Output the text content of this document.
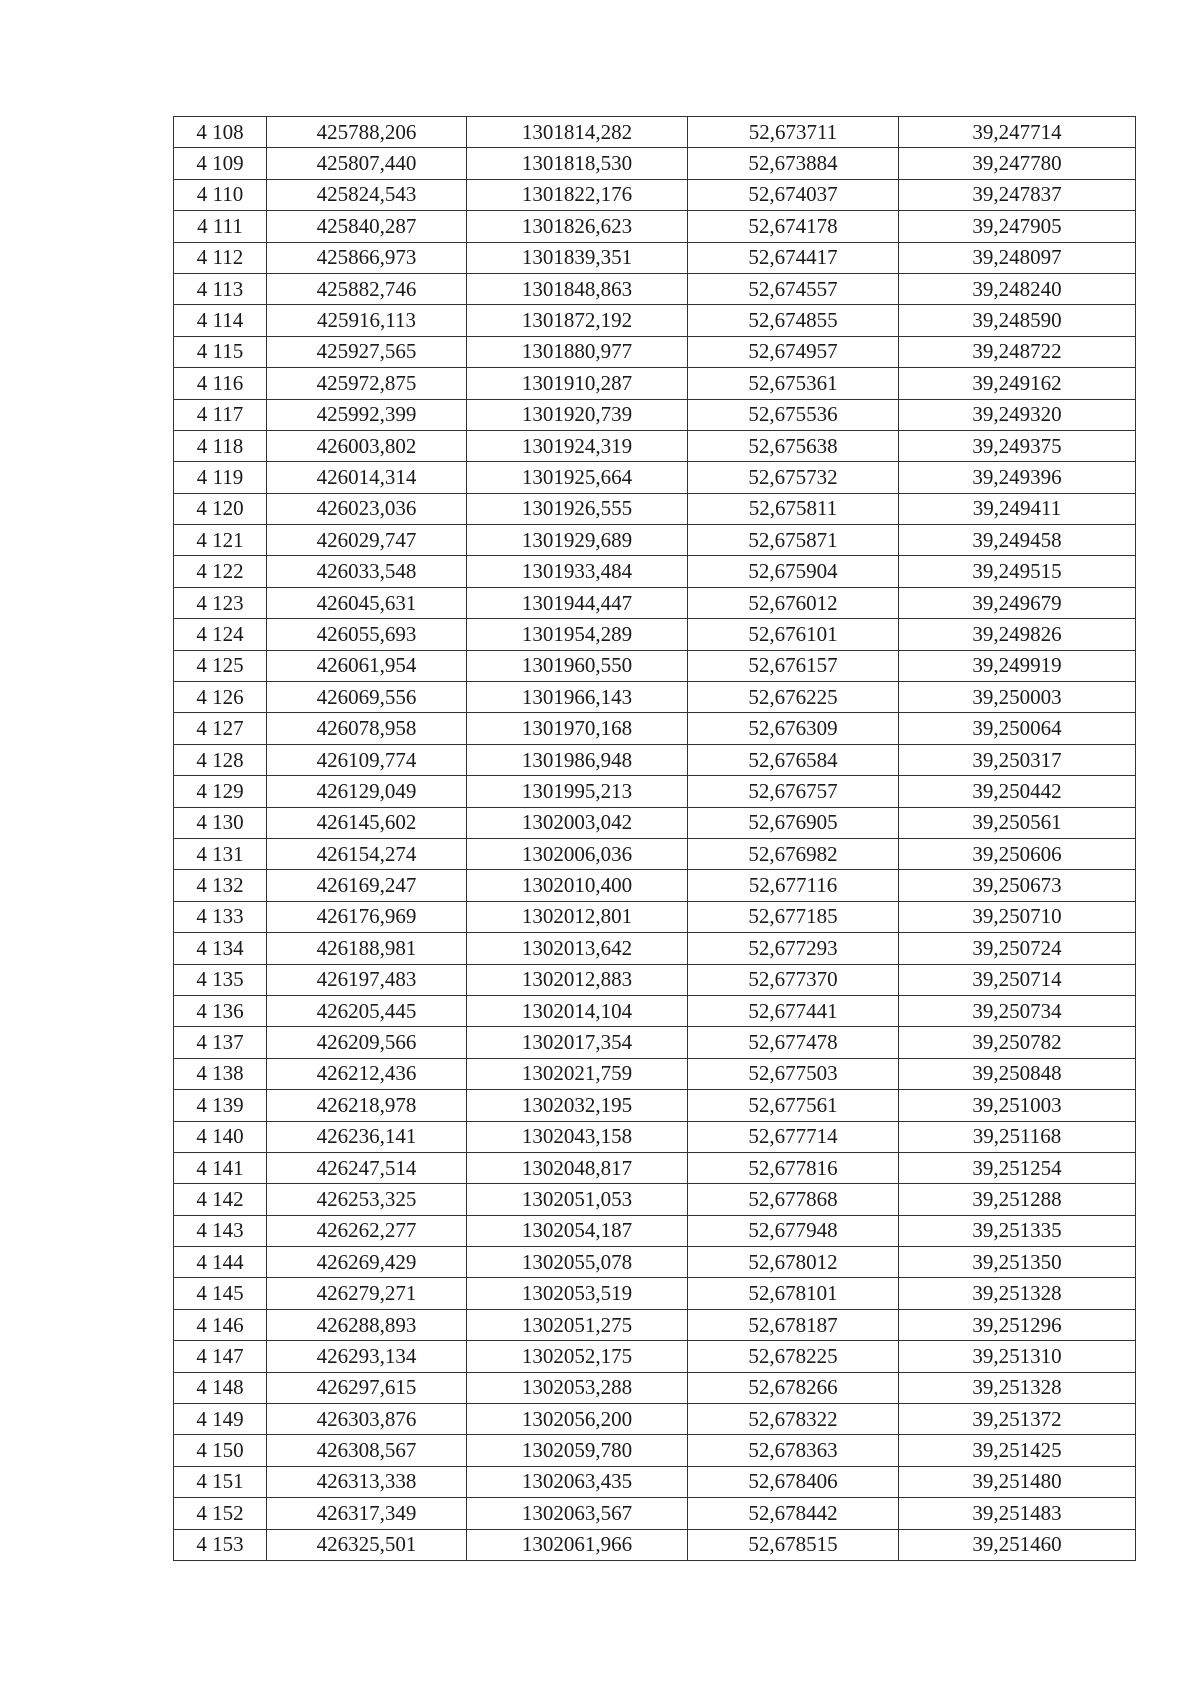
4 108	425788,206	1301814,282	52,673711	39,247714
4 109	425807,440	1301818,530	52,673884	39,247780
4 110	425824,543	1301822,176	52,674037	39,247837
4 111	425840,287	1301826,623	52,674178	39,247905
4 112	425866,973	1301839,351	52,674417	39,248097
4 113	425882,746	1301848,863	52,674557	39,248240
4 114	425916,113	1301872,192	52,674855	39,248590
4 115	425927,565	1301880,977	52,674957	39,248722
4 116	425972,875	1301910,287	52,675361	39,249162
4 117	425992,399	1301920,739	52,675536	39,249320
4 118	426003,802	1301924,319	52,675638	39,249375
4 119	426014,314	1301925,664	52,675732	39,249396
4 120	426023,036	1301926,555	52,675811	39,249411
4 121	426029,747	1301929,689	52,675871	39,249458
4 122	426033,548	1301933,484	52,675904	39,249515
4 123	426045,631	1301944,447	52,676012	39,249679
4 124	426055,693	1301954,289	52,676101	39,249826
4 125	426061,954	1301960,550	52,676157	39,249919
4 126	426069,556	1301966,143	52,676225	39,250003
4 127	426078,958	1301970,168	52,676309	39,250064
4 128	426109,774	1301986,948	52,676584	39,250317
4 129	426129,049	1301995,213	52,676757	39,250442
4 130	426145,602	1302003,042	52,676905	39,250561
4 131	426154,274	1302006,036	52,676982	39,250606
4 132	426169,247	1302010,400	52,677116	39,250673
4 133	426176,969	1302012,801	52,677185	39,250710
4 134	426188,981	1302013,642	52,677293	39,250724
4 135	426197,483	1302012,883	52,677370	39,250714
4 136	426205,445	1302014,104	52,677441	39,250734
4 137	426209,566	1302017,354	52,677478	39,250782
4 138	426212,436	1302021,759	52,677503	39,250848
4 139	426218,978	1302032,195	52,677561	39,251003
4 140	426236,141	1302043,158	52,677714	39,251168
4 141	426247,514	1302048,817	52,677816	39,251254
4 142	426253,325	1302051,053	52,677868	39,251288
4 143	426262,277	1302054,187	52,677948	39,251335
4 144	426269,429	1302055,078	52,678012	39,251350
4 145	426279,271	1302053,519	52,678101	39,251328
4 146	426288,893	1302051,275	52,678187	39,251296
4 147	426293,134	1302052,175	52,678225	39,251310
4 148	426297,615	1302053,288	52,678266	39,251328
4 149	426303,876	1302056,200	52,678322	39,251372
4 150	426308,567	1302059,780	52,678363	39,251425
4 151	426313,338	1302063,435	52,678406	39,251480
4 152	426317,349	1302063,567	52,678442	39,251483
4 153	426325,501	1302061,966	52,678515	39,251460
